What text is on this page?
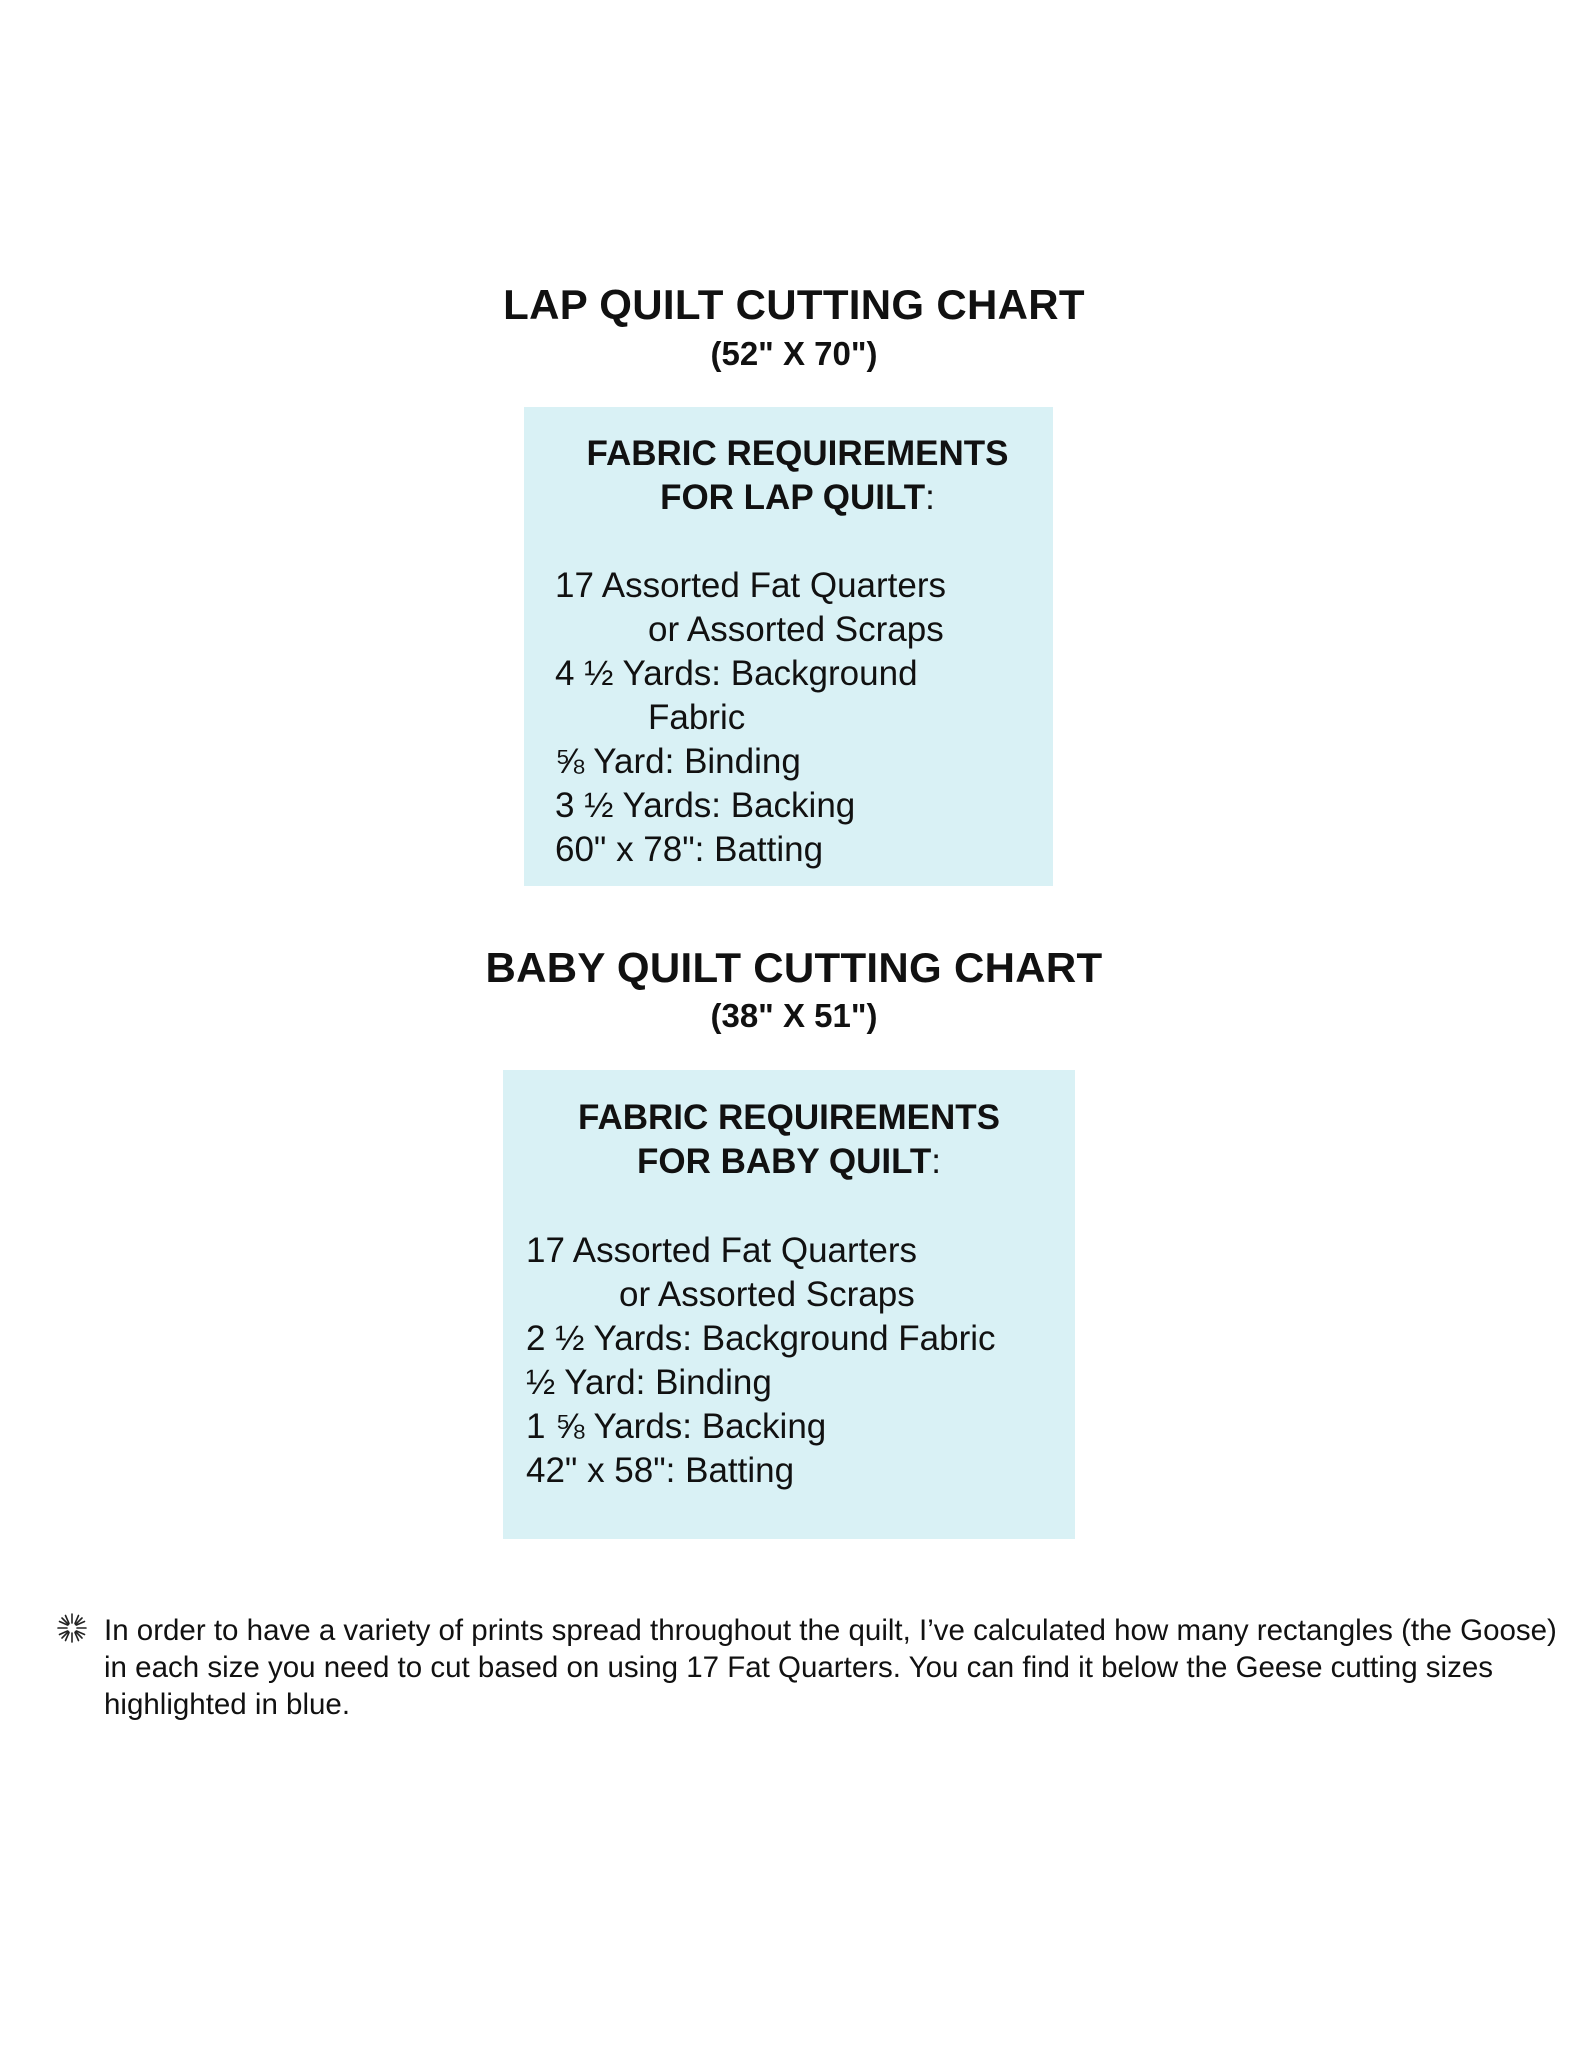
LAP QUILT CUTTING CHART
(52" X 70")
FABRIC REQUIREMENTS
FOR LAP QUILT:
17 Assorted Fat Quarters
or Assorted Scraps
4 ½ Yards: Background
Fabric
⅝ Yard: Binding
3 ½ Yards: Backing
60" x 78": Batting
BABY QUILT CUTTING CHART
(38" X 51")
FABRIC REQUIREMENTS
FOR BABY QUILT:
17 Assorted Fat Quarters
or Assorted Scraps
2 ½ Yards: Background Fabric
½ Yard: Binding
1 ⅝ Yards: Backing
42" x 58": Batting
In order to have a variety of prints spread throughout the quilt, I’ve calculated how many rectangles (the Goose) in each size you need to cut based on using 17 Fat Quarters. You can find it below the Geese cutting sizes highlighted in blue.
